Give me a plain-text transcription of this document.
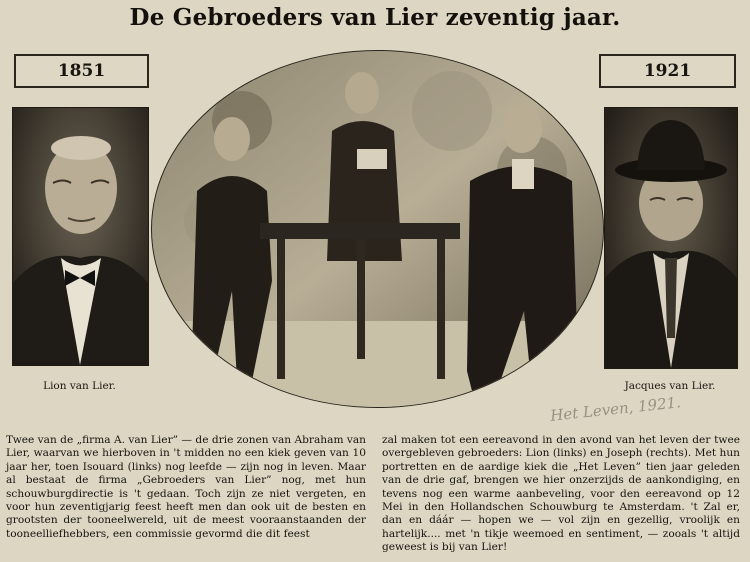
De Gebroeders van Lier zeventig jaar.
1851	1921
Lion van Lier.	Jacques van Lier.
Het Leven, 1921.
Twee van de „firma A. van Lier” — de drie zonen van Abraham van Lier, waarvan we hierboven in 't midden no een kiek geven van 10 jaar her, toen Isouard (links) nog leefde — zijn nog in leven. Maar al bestaat de firma „Gebroeders van Lier” nog, met hun schouwburgdirectie is 't gedaan. Toch zijn ze niet vergeten, en voor hun zeventigjarig feest heeft men dan ook uit de besten en grootsten der tooneelwereld, uit de meest vooraanstaanden der tooneelliefhebbers, een commissie gevormd die dit feest
zal maken tot een eereavond in den avond van het leven der twee overgebleven gebroeders: Lion (links) en Joseph (rechts). Met hun portretten en de aardige kiek die „Het Leven” tien jaar geleden van de drie gaf, brengen we hier onzerzijds de aankondiging, en tevens nog een warme aanbeveling, voor den eereavond op 12 Mei in den Hollandschen Schouwburg te Amsterdam. 't Zal er, dan en dáár — hopen we — vol zijn en gezellig, vroolijk en hartelijk.... met 'n tikje weemoed en sentiment, — zooals 't altijd geweest is bij van Lier!
